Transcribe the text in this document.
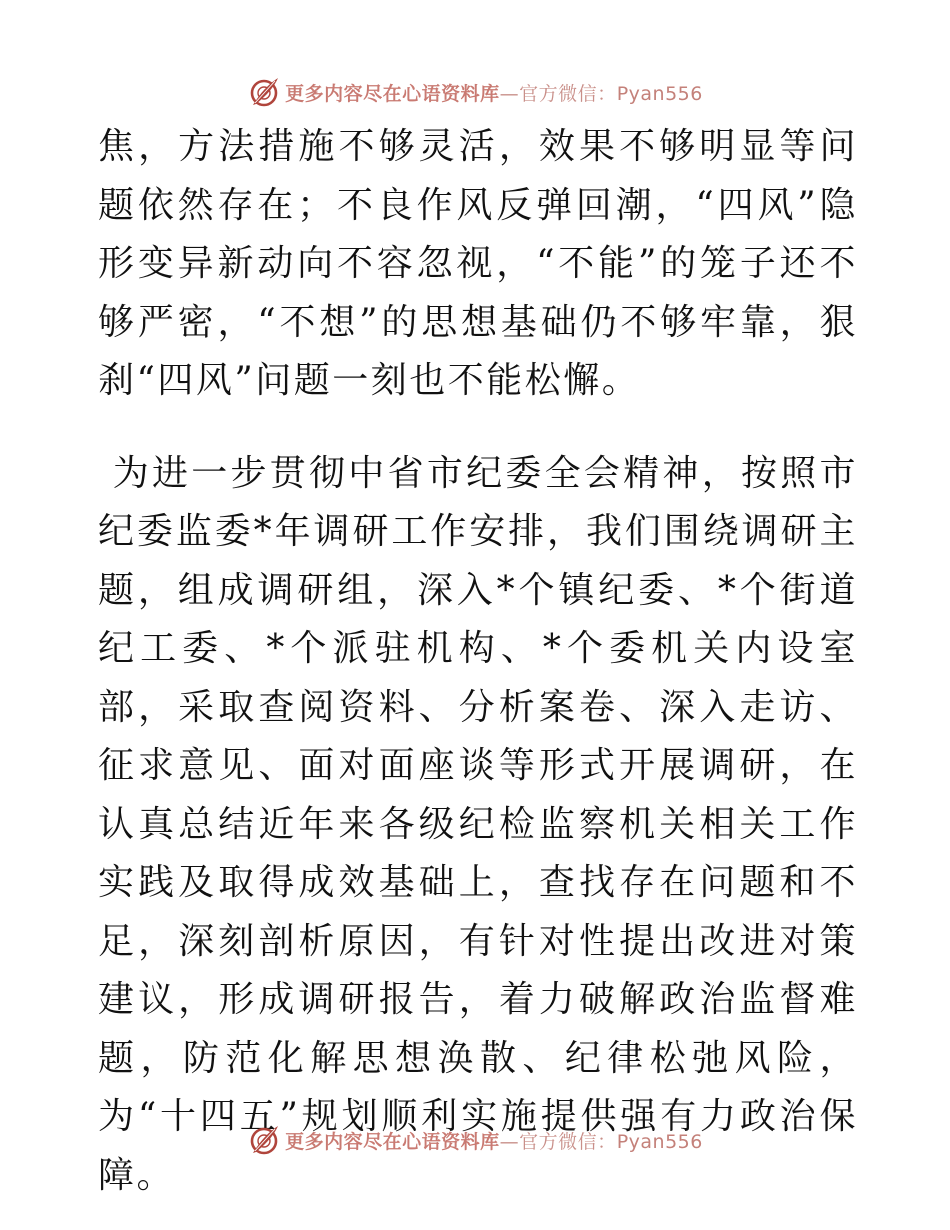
更多内容尽在心语资料库—官方微信：Pyan556

焦，方法措施不够灵活，效果不够明显等问题依然存在；不良作风反弹回潮，“四风”隐形变异新动向不容忽视，“不能”的笼子还不够严密，“不想”的思想基础仍不够牢靠，狠刹“四风”问题一刻也不能松懈。

为进一步贯彻中省市纪委全会精神，按照市纪委监委*年调研工作安排，我们围绕调研主题，组成调研组，深入*个镇纪委、*个街道纪工委、*个派驻机构、*个委机关内设室部，采取查阅资料、分析案卷、深入走访、征求意见、面对面座谈等形式开展调研，在认真总结近年来各级纪检监察机关相关工作实践及取得成效基础上，查找存在问题和不足，深刻剖析原因，有针对性提出改进对策建议，形成调研报告，着力破解政治监督难题，防范化解思想涣散、纪律松弛风险，为“十四五”规划顺利实施提供强有力政治保障。

更多内容尽在心语资料库—官方微信：Pyan556
